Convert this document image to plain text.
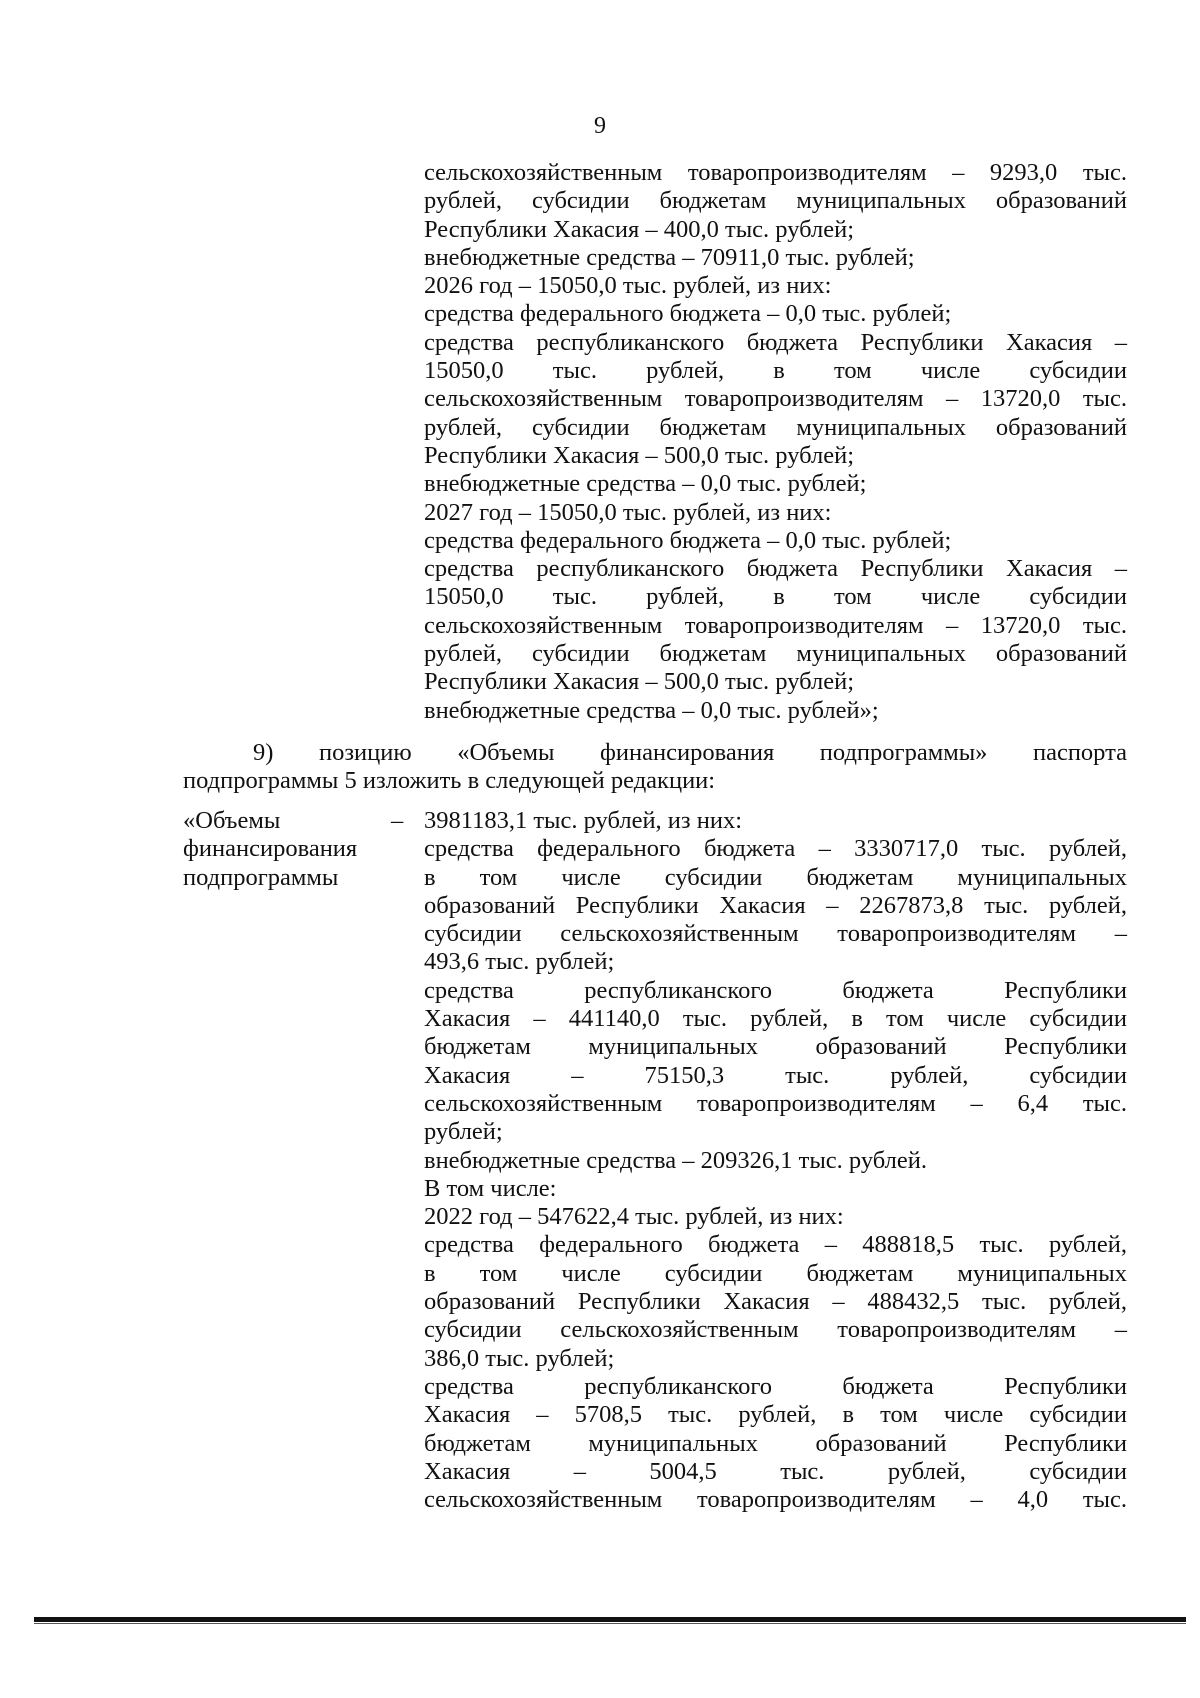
9
сельскохозяйственным товаропроизводителям – 9293,0 тыс.
рублей, субсидии бюджетам муниципальных образований
Республики Хакасия – 400,0 тыс. рублей;
внебюджетные средства – 70911,0 тыс. рублей;
2026 год – 15050,0 тыс. рублей, из них:
средства федерального бюджета – 0,0 тыс. рублей;
средства республиканского бюджета Республики Хакасия –
15050,0 тыс. рублей, в том числе субсидии
сельскохозяйственным товаропроизводителям – 13720,0 тыс.
рублей, субсидии бюджетам муниципальных образований
Республики Хакасия – 500,0 тыс. рублей;
внебюджетные средства – 0,0 тыс. рублей;
2027 год – 15050,0 тыс. рублей, из них:
средства федерального бюджета – 0,0 тыс. рублей;
средства республиканского бюджета Республики Хакасия –
15050,0 тыс. рублей, в том числе субсидии
сельскохозяйственным товаропроизводителям – 13720,0 тыс.
рублей, субсидии бюджетам муниципальных образований
Республики Хакасия – 500,0 тыс. рублей;
внебюджетные средства – 0,0 тыс. рублей»;
9) позицию «Объемы финансирования подпрограммы» паспорта
подпрограммы 5 изложить в следующей редакции:
«Объемы
финансирования
подпрограммы
– 3981183,1 тыс. рублей, из них:
средства федерального бюджета – 3330717,0 тыс. рублей,
в том числе субсидии бюджетам муниципальных
образований Республики Хакасия – 2267873,8 тыс. рублей,
субсидии сельскохозяйственным товаропроизводителям –
493,6 тыс. рублей;
средства республиканского бюджета Республики
Хакасия – 441140,0 тыс. рублей, в том числе субсидии
бюджетам муниципальных образований Республики
Хакасия – 75150,3 тыс. рублей, субсидии
сельскохозяйственным товаропроизводителям – 6,4 тыс.
рублей;
внебюджетные средства – 209326,1 тыс. рублей.
В том числе:
2022 год – 547622,4 тыс. рублей, из них:
средства федерального бюджета – 488818,5 тыс. рублей,
в том числе субсидии бюджетам муниципальных
образований Республики Хакасия – 488432,5 тыс. рублей,
субсидии сельскохозяйственным товаропроизводителям –
386,0 тыс. рублей;
средства республиканского бюджета Республики
Хакасия – 5708,5 тыс. рублей, в том числе субсидии
бюджетам муниципальных образований Республики
Хакасия – 5004,5 тыс. рублей, субсидии
сельскохозяйственным товаропроизводителям – 4,0 тыс.
